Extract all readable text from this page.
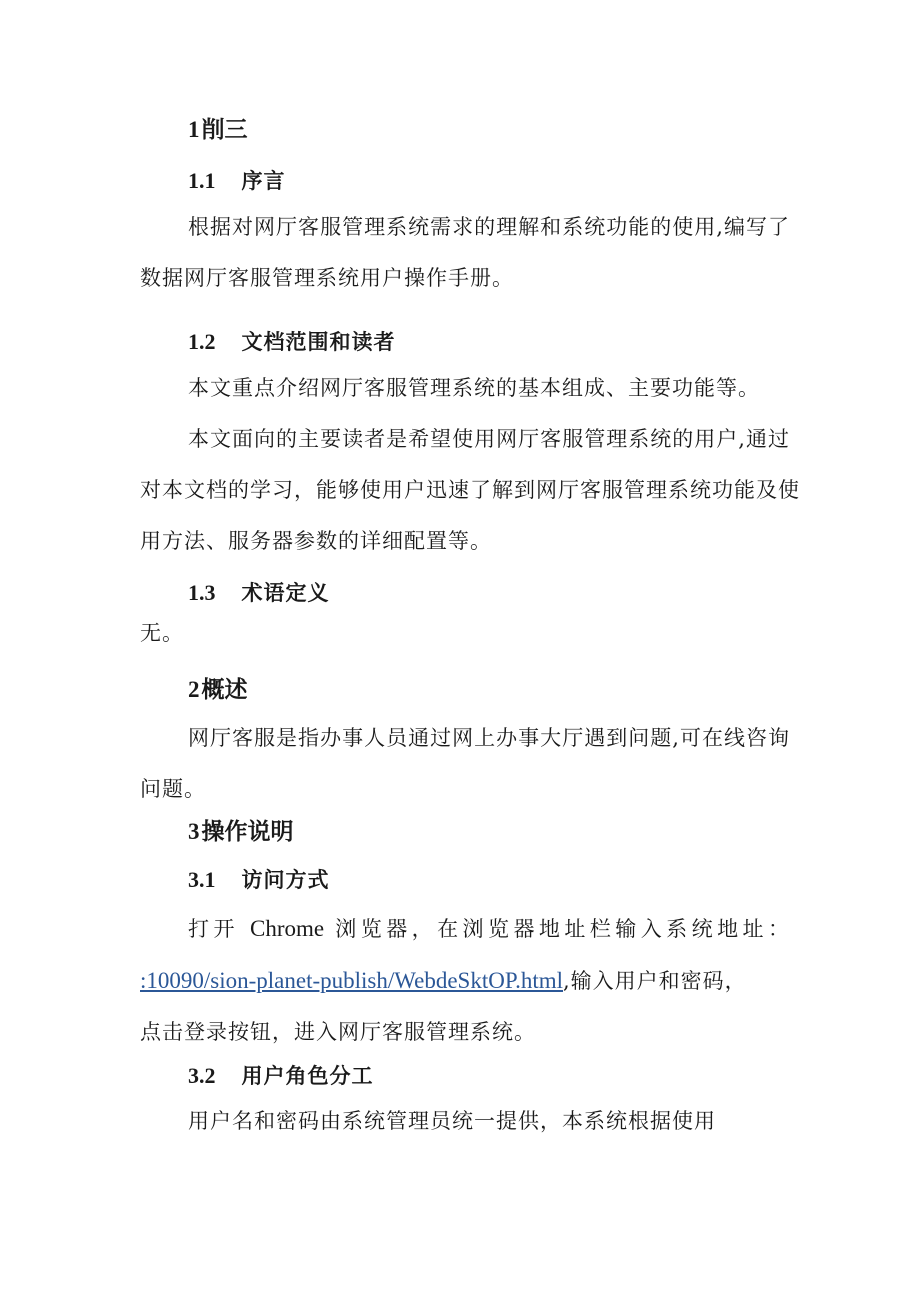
1削三
1.1 序言
根据对网厅客服管理系统需求的理解和系统功能的使用,编写了
数据网厅客服管理系统用户操作手册。
1.2 文档范围和读者
本文重点介绍网厅客服管理系统的基本组成、主要功能等。
本文面向的主要读者是希望使用网厅客服管理系统的用户,通过
对本文档的学习，能够使用户迅速了解到网厅客服管理系统功能及使
用方法、服务器参数的详细配置等。
1.3 术语定义
无。
2概述
网厅客服是指办事人员通过网上办事大厅遇到问题,可在线咨询
问题。
3操作说明
3.1 访问方式
打开 Chrome 浏览器，在浏览器地址栏输入系统地址：
:10090/sion-planet-publish/WebdeSktOP.html,输入用户和密码，
点击登录按钮，进入网厅客服管理系统。
3.2 用户角色分工
用户名和密码由系统管理员统一提供，本系统根据使用
